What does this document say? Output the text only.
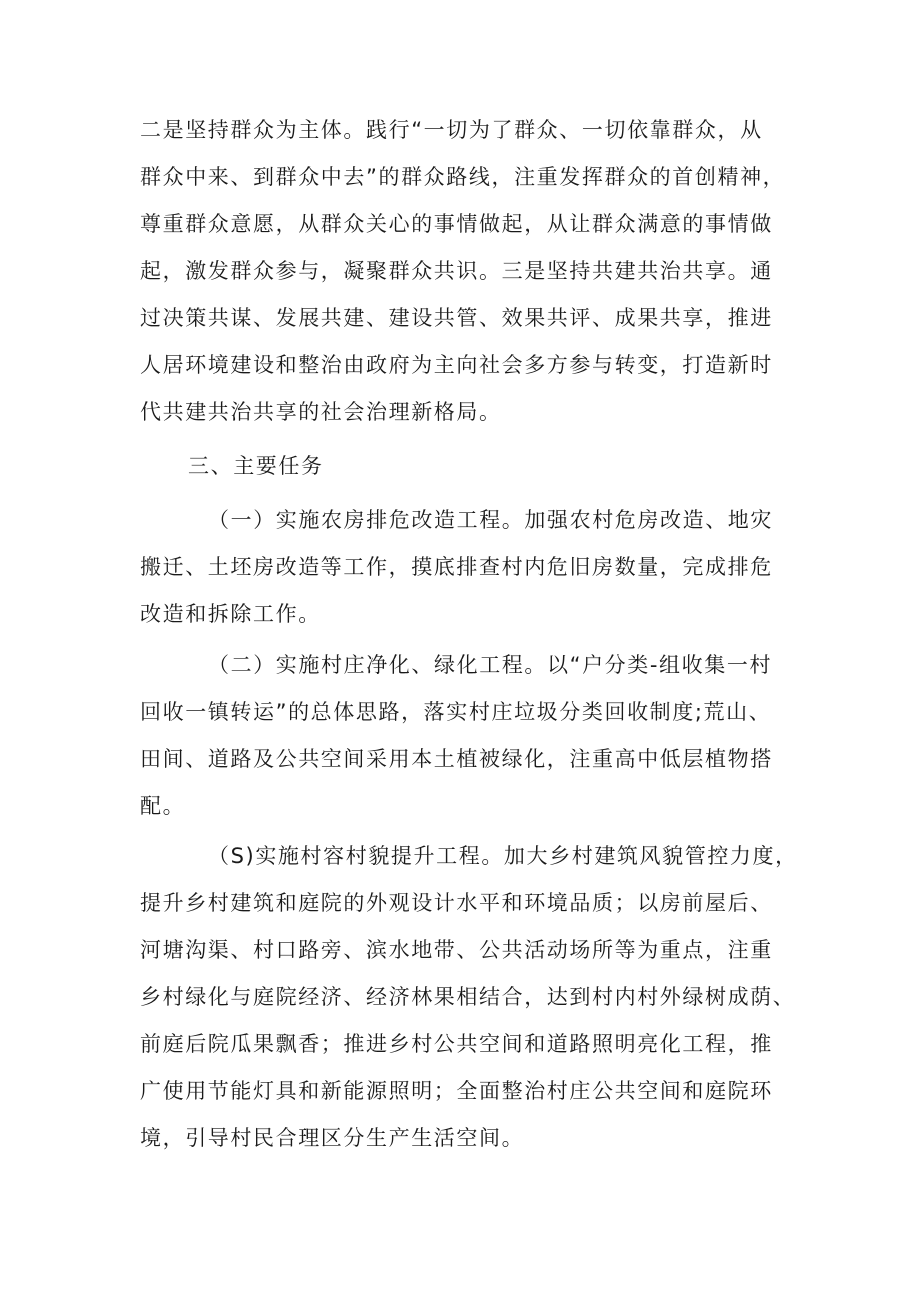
二是坚持群众为主体。践行“一切为了群众、一切依靠群众，从
群众中来、到群众中去”的群众路线，注重发挥群众的首创精神，
尊重群众意愿，从群众关心的事情做起，从让群众满意的事情做
起，激发群众参与，凝聚群众共识。三是坚持共建共治共享。通
过决策共谋、发展共建、建设共管、效果共评、成果共享，推进
人居环境建设和整治由政府为主向社会多方参与转变，打造新时
代共建共治共享的社会治理新格局。
三、主要任务
（一）实施农房排危改造工程。加强农村危房改造、地灾
搬迁、土坯房改造等工作，摸底排查村内危旧房数量，完成排危
改造和拆除工作。
（二）实施村庄净化、绿化工程。以“户分类-组收集一村
回收一镇转运”的总体思路，落实村庄垃圾分类回收制度;荒山、
田间、道路及公共空间采用本土植被绿化，注重高中低层植物搭
配。
（S)实施村容村貌提升工程。加大乡村建筑风貌管控力度，
提升乡村建筑和庭院的外观设计水平和环境品质；以房前屋后、
河塘沟渠、村口路旁、滨水地带、公共活动场所等为重点，注重
乡村绿化与庭院经济、经济林果相结合，达到村内村外绿树成荫、
前庭后院瓜果飘香；推进乡村公共空间和道路照明亮化工程，推
广使用节能灯具和新能源照明；全面整治村庄公共空间和庭院环
境，引导村民合理区分生产生活空间。
